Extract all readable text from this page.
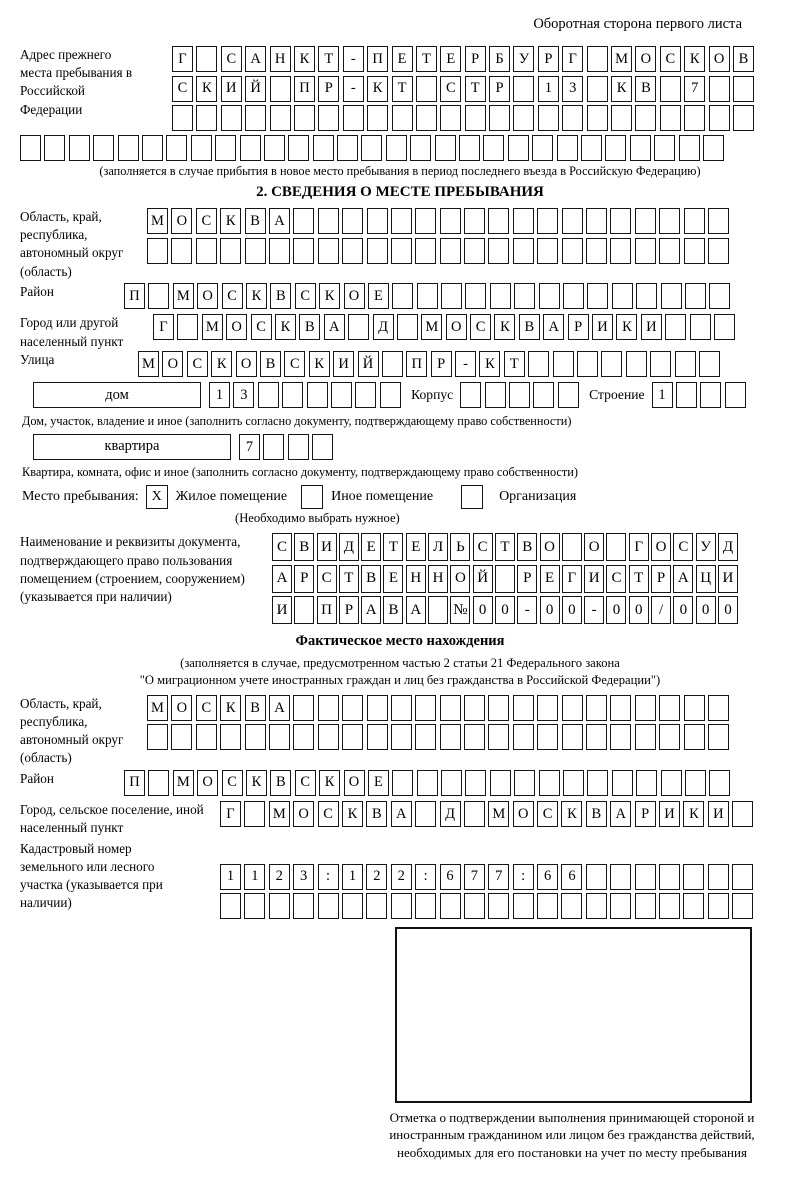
Оборотная сторона первого листа
Адрес прежнего места пребывания в Российской Федерации
Г	С А Н К	Т	-	П	Е	Т	Е	Р	Б	У	Р	Г	М О С	К О В
С	К И Й	П	Р	-	К	Т	С	Т	Р	1	3	К	В	7
(заполняется в случае прибытия в новое место пребывания в период последнего въезда в Российскую Федерацию)
2. СВЕДЕНИЯ О МЕСТЕ ПРЕБЫВАНИЯ
Область, край, республика, автономный округ (область)
М О С	К	В А
Район	П	М О С	К	В	С	К О	Е
Город или другой населенный пункт
Г	М О С	К	В А	Д	М О С	К	В А	Р	И К И
Улица	М О С	К О В	С	К И Й	П	Р	-	К	Т
дом	1	3	Корпус	Строение 1
Дом, участок, владение и иное (заполнить согласно документу, подтверждающему право собственности)
квартира	7
Квартира, комната, офис и иное (заполнить согласно документу, подтверждающему право собственности)
Место пребывания: X Жилое помещение	Иное помещение	Организация
(Необходимо выбрать нужное)
Наименование и реквизиты документа, подтверждающего право пользования помещением (строением, сооружением) (указывается при наличии)
С В И Д Е Т Е Л Ь С Т В О	О	Г О С У Д
А Р С Т В Е Н Н О Й	Р Е Г И С Т Р А Ц И
И	П Р А В А	№ 0 0	-	0 0	-	0 0	/	0 0 0
Фактическое место нахождения
(заполняется в случае, предусмотренном частью 2 статьи 21 Федерального закона
"О миграционном учете иностранных граждан и лиц без гражданства в Российской Федерации")
Область, край, республика, автономный округ (область)
М О С	К	В А
Район	П	М О С	К	В	С	К О	Е
Город, сельское поселение, иной населенный пункт
Г	М О С	К	В А	Д	М О С	К	В А	Р	И К И
Кадастровый номер земельного или лесного участка (указывается при наличии)
1	1	2	3	:	1	2	2	:	6	7	7	:	6	6
Отметка о подтверждении выполнения принимающей стороной и иностранным гражданином или лицом без гражданства действий, необходимых для его постановки на учет по месту пребывания
